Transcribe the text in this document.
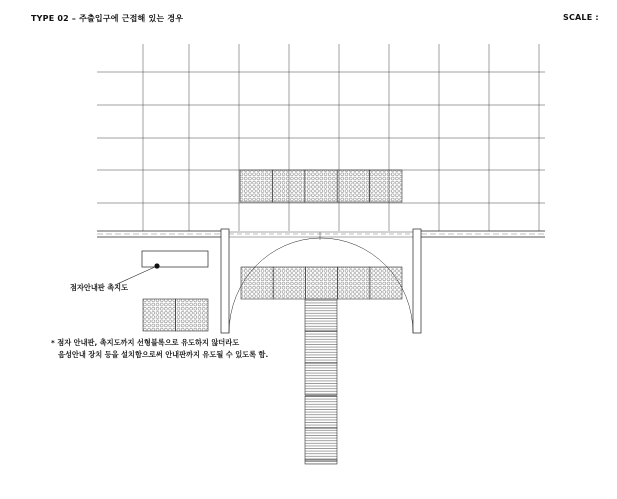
TYPE 02 – 주출입구에 근접해 있는 경우	SCALE :
점자안내판 촉지도
* 점자 안내판, 촉지도까지 선형블록으로 유도하지 않더라도
음성안내 장치 등을 설치함으로써 안내판까지 유도될 수 있도록 함.
